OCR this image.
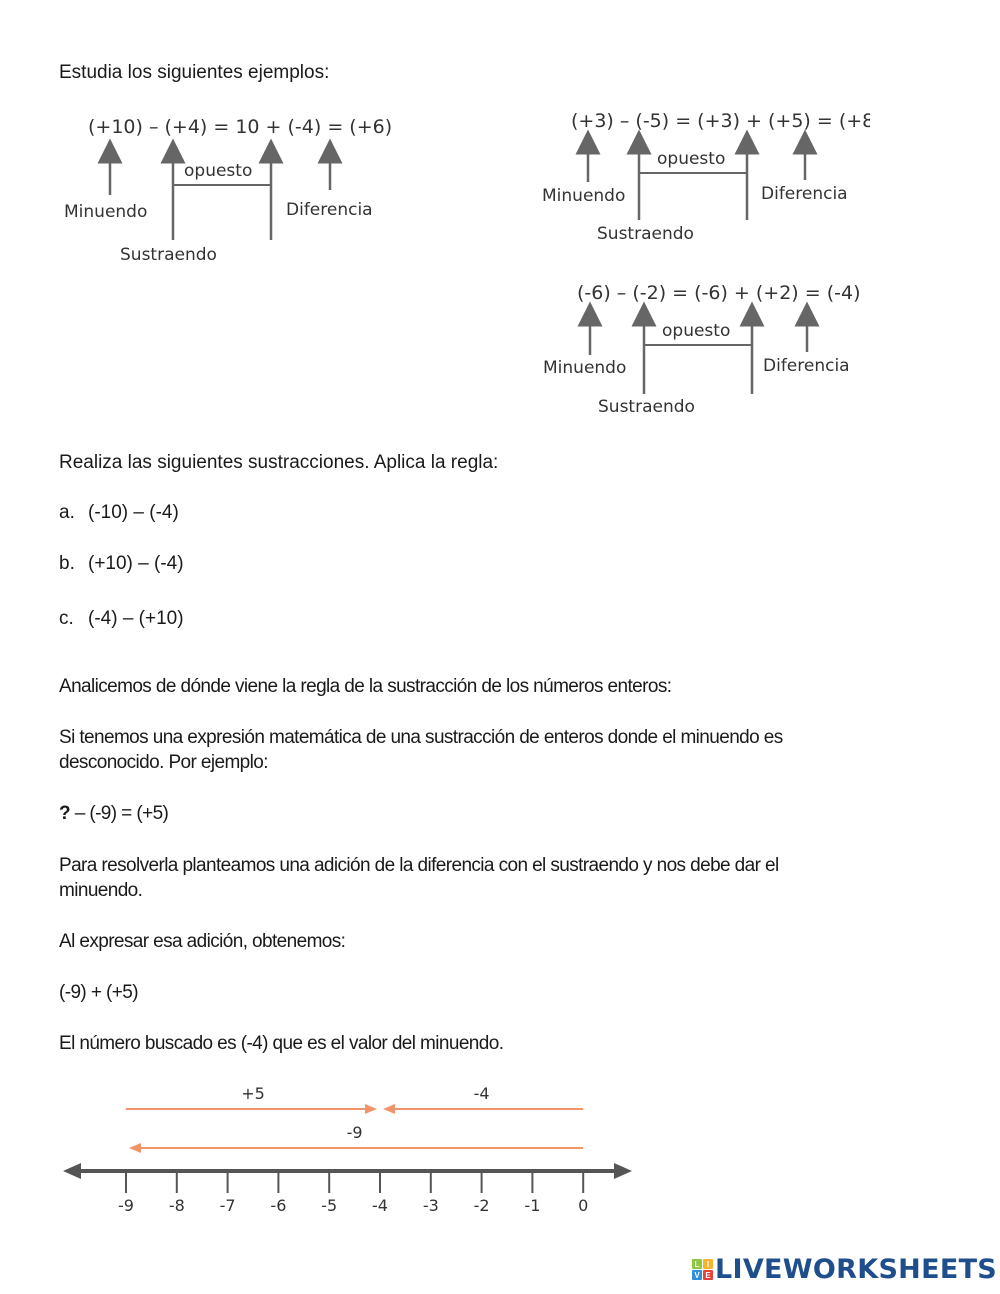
Estudia los siguientes ejemplos:
(+10) – (+4) = 10 + (-4) = (+6)
opuesto
Minuendo	Diferencia
Sustraendo
(+3) – (-5) = (+3) + (+5) = (+8)
opuesto
Minuendo	Diferencia
Sustraendo
(-6) – (-2) = (-6) + (+2) = (-4)
opuesto
Minuendo	Diferencia
Sustraendo
Realiza las siguientes sustracciones. Aplica la regla:
a. (-10) – (-4)
b. (+10) – (-4)
c. (-4) – (+10)
Analicemos de dónde viene la regla de la sustracción de los números enteros:
Si tenemos una expresión matemática de una sustracción de enteros donde el minuendo es
desconocido. Por ejemplo:
? – (-9) = (+5)
Para resolverla planteamos una adición de la diferencia con el sustraendo y nos debe dar el
minuendo.
Al expresar esa adición, obtenemos:
(-9) + (+5)
El número buscado es (-4) que es el valor del minuendo.
-9 -8 -7 -6 -5 -4 -3 -2 -1 0
+5	-4
-9
L I
V E LIVEWORKSHEETS
